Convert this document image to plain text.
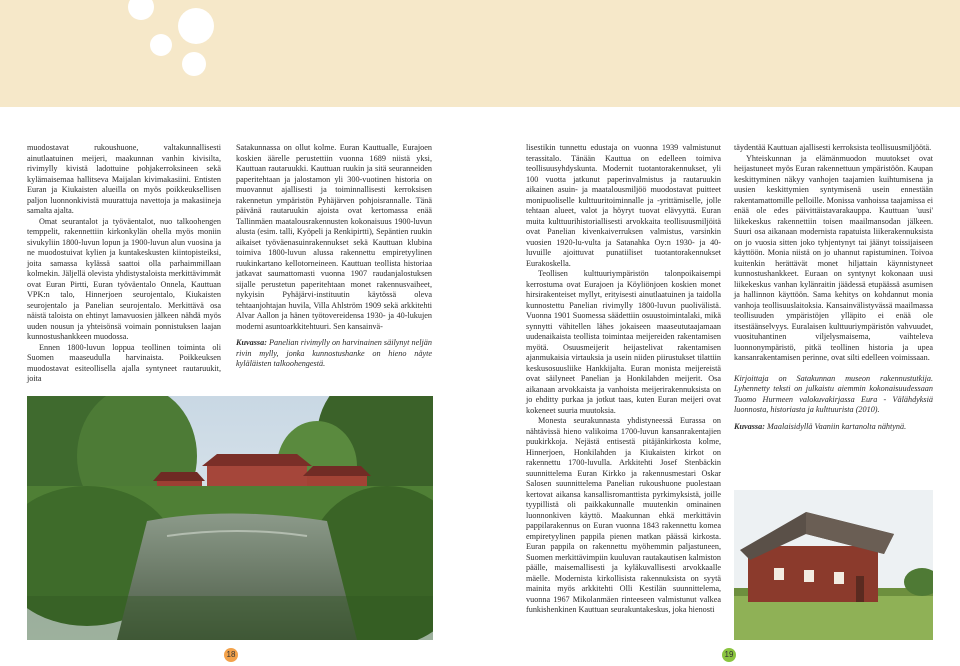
muodostavat rukoushuone, valtakunnallisesti ainutlaatuinen meijeri, maakunnan vanhin kivisilta, rivimylly kivistä ladottuine pohjakerroksineen sekä kylämaisemaa hallitseva Maijalan kivimakasiini. Entisten Euran ja Kiukaisten alueilla on myös poikkeuksellisen paljon luonnonkivistä muurattuja navettoja ja makasiineja samalta ajalta.

Omat seurantalot ja työväentalot, nuo talkoohengen temppelit, rakennettiin kirkonkylän ohella myös moniin sivukyliin 1800-luvun lopun ja 1900-luvun alun vuosina ja ne muodostuivat kylien ja kuntakeskusten kiintopisteiksi, joita samassa kylässä saattoi olla parhaimmillaan kolmekin. Jäljellä olevista yhdistystaloista merkittävimmät ovat Euran Pirtti, Euran työväentalo Onnela, Kauttuan VPK:n talo, Hinnerjoen seurojentalo, Kiukaisten seurojentalo ja Panelian seurojentalo. Merkittävä osa näistä taloista on ehtinyt lamavuosien jälkeen nähdä myös uuden nousun ja yhteisönsä voimain ponnistuksen laajan kunnostushankkeen muodossa.

Ennen 1800-luvun loppua teollinen toiminta oli Suomen maaseudulla harvinaista. Poikkeuksen muodostavat esiteollisella ajalla syntyneet rautaruukit, joita

Satakunnassa on ollut kolme. Euran Kauttualle, Eurajoen koskien äärelle perustettiin vuonna 1689 niistä yksi, Kauttuan rautaruukki. Kauttuan ruukin ja sitä seuranneiden paperitehtaan ja jalostamon yli 300-vuotinen historia on muovannut ajallisesti ja toiminnallisesti kerroksisen rakennetun ympäristön Pyhäjärven pohjoisrannalle. Tänä päivänä rautaruukin ajoista ovat kertomassa enää Tallinmäen maatalousrakennusten kokonaisuus 1900-luvun alusta (esim. talli, Kyöpeli ja Renkipirtti), Sepäntien ruukin aikaiset työväenasuinrakennukset sekä Kauttuan klubina toimiva 1800-luvun alussa rakennettu empiretyylinen ruukinkartano kellotorneineen. Kauttuan teollista historiaa jatkavat saumattomasti vuonna 1907 raudanjalostuksen sijalle perustetun paperitehtaan monet rakennusvaiheet, nykyisin Pyhäjärvi-instituutin käytössä oleva tehtaanjohtajan huvila, Villa Ahlström 1909 sekä arkkitehti Alvar Aallon ja hänen työtovereidensa 1930- ja 40-lukujen moderni asuntoarkkitehtuuri. Sen kansainvä-

Kuvassa: Panelian rivimylly on harvinainen säilynyt neljän rivin mylly, jonka kunnostushanke on hieno näyte kyläläisten talkoohengestä.

18

lisestikin tunnettu edustaja on vuonna 1939 valmistunut terassitalo. Tänään Kauttua on edelleen toimiva teollisuusyhdyskunta. Modernit tuotantorakennukset, yli 100 vuotta jatkunut paperinvalmistus ja rautaruukin aikainen asuin- ja maatalousmiljöö muodostavat puitteet monipuoliselle kulttuuritoiminnalle ja -yrittämiselle, jolle tehtaan alueet, valot ja höyryt tuovat elävyyttä. Euran muita kulttuurihistoriallisesti arvokkaita teollisuusmiljöitä ovat Panelian kivenkaiverruksen valmistus, varsinkin vuosien 1920-lu-vulta ja Satanahka Oy:n 1930- ja 40-luvuille ajoittuvat punatiiliset tuotantorakennukset Eurakoskella.

Teollisen kulttuuriympäristön talonpoikaisempi kerrostuma ovat Eurajoen ja Köyliönjoen koskien monet hirsirakenteiset myllyt, erityisesti ainutlaatuinen ja taidolla kunnostettu Panelian rivimylly 1800-luvun puolivälistä. Vuonna 1901 Suomessa säädettiin osuustoimintalaki, mikä synnytti vähitellen lähes jokaiseen maaseututaajamaan uudenaikaista teollista toimintaa meijereiden rakentamisen myötä. Osuusmeijerit heijastelivat rakentamisen ajanmukaisia virtauksia ja usein niiden piirustukset tilattiin keskusosuusliike Hankkijalta. Euran monista meijereistä ovat säilyneet Panelian ja Honkilahden meijerit. Osa aikanaan arvokkaista ja vanhoista meijerirakennuksista on jo ehditty purkaa ja jotkut taas, kuten Euran meijeri ovat kokeneet suuria muutoksia.

Monesta seurakunnasta yhdistyneessä Eurassa on nähtävissä hieno valikoima 1700-luvun kansanrakentajien puukirkkoja. Nejästä entisestä pitäjänkirkosta kolme, Hinnerjoen, Honkilahden ja Kiukaisten kirkot on rakennettu 1700-luvulla. Arkkitehti Josef Stenbäckin suunnittelema Euran Kirkko ja rakennusmestari Oskar Salosen suunnittelema Panelian rukoushuone puolestaan kertovat aikansa kansallisromanttista pyrkimyksistä, joille tyypillistä oli paikkakunnalle muutenkin ominainen luonnonkiven käyttö. Maakunnan ehkä merkittävin pappilarakennus on Euran vuonna 1843 rakennettu komea empiretyylinen pappila pienen matkan päässä kirkosta. Euran pappila on rakennettu myöhemmin paljastuneen, Suomen merkittävimpiin kuuluvan rautakautisen kalmiston päälle, maisemallisesti ja kyläkuvallisesti arvokkaalle mäelle. Modernista kirkollisista rakennuksista on syytä mainita myös arkkitehti Olli Kestilän suunnittelema, vuonna 1967 Mikolanmäen rinteeseen valmistunut valkea funkishenkinen Kauttuan seurakuntakeskus, joka hienosti

täydentää Kauttuan ajallisesti kerroksista teollisuusmiljöötä.

Yhteiskunnan ja elämänmuodon muutokset ovat heijastuneet myös Euran rakennettuun ympäristöön. Kaupan keskittyminen näkyy vanhojen taajamien kuihtumisena ja uusien keskittymien syntymisenä usein ennestään rakentamattomille pelloille. Monissa vanhoissa taajamissa ei enää ole edes päivittäistavarakauppa. Kauttuan 'uusi' liikekeskus rakennettiin toisen maailmansodan jälkeen. Suuri osa aikanaan modernista rapatuista liikerakennuksista on jo vuosia sitten joko tyhjentynyt tai jäänyt toissijaiseen käyttöön. Monia niistä on jo uhannut rapistuminen. Toivoa kuitenkin herättävät monet hiljattain käynnistyneet kunnostushankkeet. Euraan on syntynyt kokonaan uusi liikekeskus vanhan kylänraitin jäädessä etupäässä asumisen ja hallinnon käyttöön. Sama kehitys on kohdannut monia vanhoja teollisuuslaitoksia. Kansainvälistyvässä maailmassa teollisuuden ympäristöjen ylläpito ei enää ole itsestäänselvyys. Euralaisen kulttuuriympäristön vahvuudet, vuosituhantinen viljelysmaisema, vaihteleva luonnonympäristö, pitkä teollinen historia ja upea kansanrakentamisen perinne, ovat silti edelleen voimissaan.

Kirjoittaja on Satakunnan museon rakennustutkija. Lyhennetty teksti on julkaistu aiemmin kokonaisuudessaan Tuomo Hurmeen valokuvakirjassa Eura - Välähdyksiä luonnosta, historiasta ja kulttuurista (2010).

Kuvassa: Maalaisidyllä Vaaniin kartanolta nähtynä.

19
